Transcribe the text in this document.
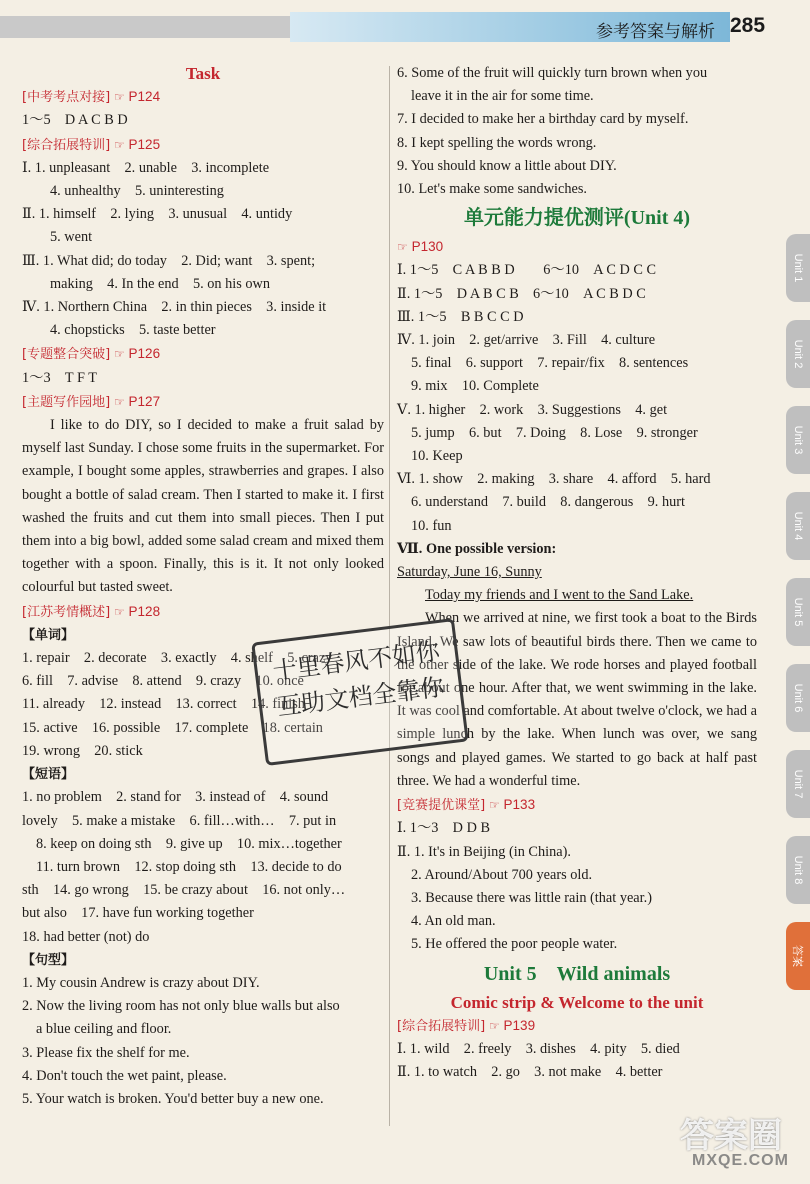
参考答案与解析 285
Task
[中考考点对接] ☞ P124
1～5　D A C B D
[综合拓展特训] ☞ P125
Ⅰ. 1. unpleasant　2. unable　3. incomplete
4. unhealthy　5. uninteresting
Ⅱ. 1. himself　2. lying　3. unusual　4. untidy
5. went
Ⅲ. 1. What did; do today　2. Did; want　3. spent;
making　4. In the end　5. on his own
Ⅳ. 1. Northern China　2. in thin pieces　3. inside it
4. chopsticks　5. taste better
[专题整合突破] ☞ P126
1～3　T F T
[主题写作园地] ☞ P127
I like to do DIY, so I decided to make a fruit salad by myself last Sunday. I chose some fruits in the supermarket. For example, I bought some apples, strawberries and grapes. I also bought a bottle of salad cream. Then I started to make it. I first washed the fruits and cut them into small pieces. Then I put them into a big bowl, added some salad cream and mixed them together with a spoon. Finally, this is it. It not only looked colourful but tasted sweet.
[江苏考情概述] ☞ P128
【单词】
1. repair　2. decorate　3. exactly　4. shelf　5. crazy
6. fill　7. advise　8. attend　9. crazy　10. once
11. already　12. instead　13. correct　14. finish
15. active　16. possible　17. complete　18. certain
19. wrong　20. stick
【短语】
1. no problem　2. stand for　3. instead of　4. sound
lovely　5. make a mistake　6. fill…with…　7. put in
8. keep on doing sth　9. give up　10. mix…together
11. turn brown　12. stop doing sth　13. decide to do
sth　14. go wrong　15. be crazy about　16. not only…
but also　17. have fun working together
18. had better (not) do
【句型】
1. My cousin Andrew is crazy about DIY.
2. Now the living room has not only blue walls but also
a blue ceiling and floor.
3. Please fix the shelf for me.
4. Don't touch the wet paint, please.
5. Your watch is broken. You'd better buy a new one.
6. Some of the fruit will quickly turn brown when you
leave it in the air for some time.
7. I decided to make her a birthday card by myself.
8. I kept spelling the words wrong.
9. You should know a little about DIY.
10. Let's make some sandwiches.
单元能力提优测评(Unit 4)
☞ P130
Ⅰ. 1～5　C A B B D　　6～10　A C D C C
Ⅱ. 1～5　D A B C B　6～10　A C B D C
Ⅲ. 1～5　B B C C D
Ⅳ. 1. join　2. get/arrive　3. Fill　4. culture
5. final　6. support　7. repair/fix　8. sentences
9. mix　10. Complete
Ⅴ. 1. higher　2. work　3. Suggestions　4. get
5. jump　6. but　7. Doing　8. Lose　9. stronger
10. Keep
Ⅵ. 1. show　2. making　3. share　4. afford　5. hard
6. understand　7. build　8. dangerous　9. hurt
10. fun
Ⅶ. One possible version:
Saturday, June 16, Sunny
Today my friends and I went to the Sand Lake.
When we arrived at nine, we first took a boat to the Birds Island. We saw lots of beautiful birds there. Then we came to the other side of the lake. We rode horses and played football for about one hour. After that, we went swimming in the lake. It was cool and comfortable. At about twelve o'clock, we had a simple lunch by the lake. When lunch was over, we sang songs and played games. We started to go back at half past three. We had a wonderful time.
[竞赛提优课堂] ☞ P133
Ⅰ. 1～3　D D B
Ⅱ. 1. It's in Beijing (in China).
2. Around/About 700 years old.
3. Because there was little rain (that year.)
4. An old man.
5. He offered the poor people water.
Unit 5　Wild animals
Comic strip & Welcome to the unit
[综合拓展特训] ☞ P139
Ⅰ. 1. wild　2. freely　3. dishes　4. pity　5. died
Ⅱ. 1. to watch　2. go　3. not make　4. better
Unit 1
Unit 2
Unit 3
Unit 4
Unit 5
Unit 6
Unit 7
Unit 8
答案
十里春风不如你
互助文档全靠你
答案圈
MXQE.COM
